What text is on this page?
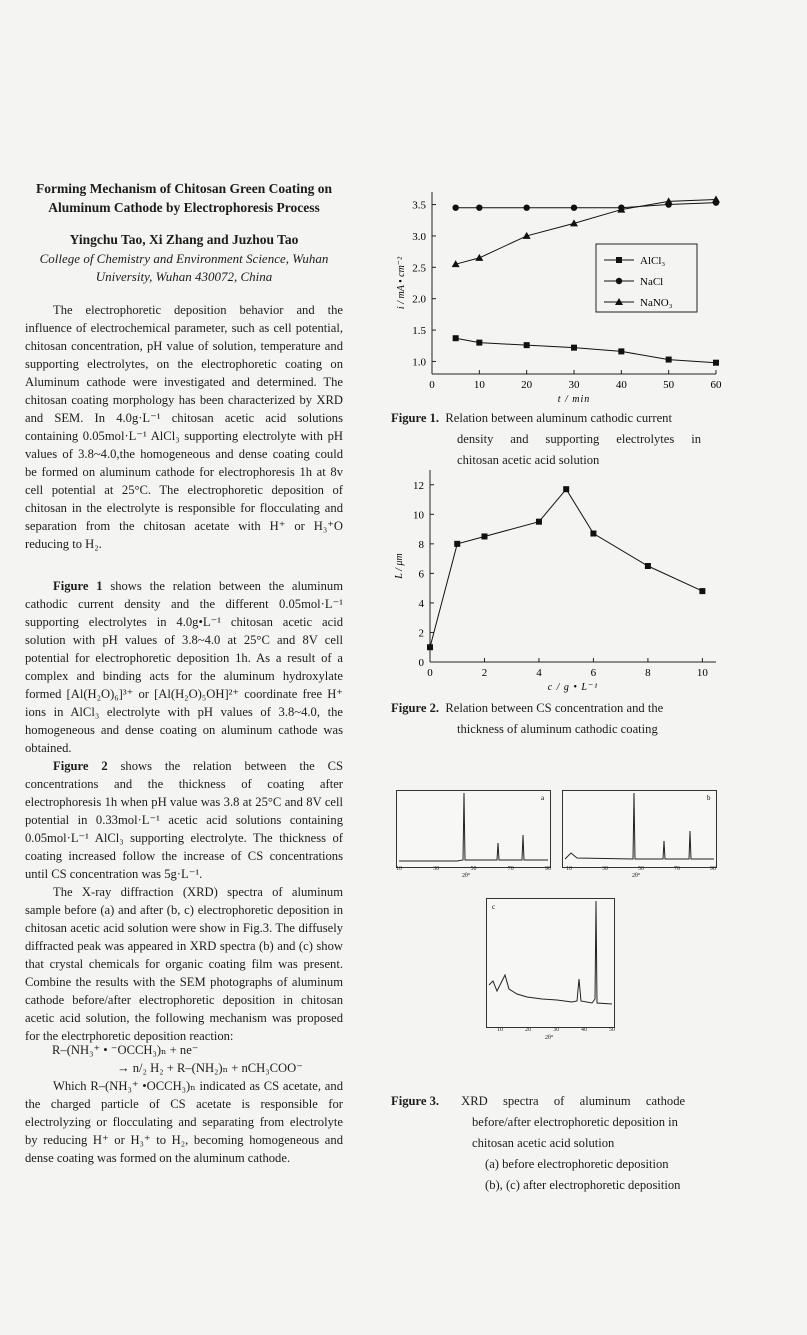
Forming Mechanism of Chitosan Green Coating on Aluminum Cathode by Electrophoresis Process
Yingchu Tao, Xi Zhang and Juzhou Tao
College of Chemistry and Environment Science, Wuhan University, Wuhan 430072, China

The electrophoretic deposition behavior and the influence of electrochemical parameter, such as cell potential, chitosan concentration, pH value of solution, temperature and supporting electrolytes, on the electrophoretic coating on Aluminum cathode were investigated and determined. The chitosan coating morphology has been characterized by XRD and SEM. In 4.0g·L⁻¹ chitosan acetic acid solutions containing 0.05mol·L⁻¹ AlCl₃ supporting electrolyte with pH values of 3.8~4.0,the homogeneous and dense coating could be formed on aluminum cathode for electrophoresis 1h at 8v cell potential at 25°C. The electrophoretic deposition of chitosan in the electrolyte is responsible for flocculating and separation from the chitosan acetate with H⁺ or H₃⁺O reducing to H₂.

Figure 1 shows the relation between the aluminum cathodic current density and the different 0.05mol·L⁻¹ supporting electrolytes in 4.0g•L⁻¹ chitosan acetic acid solution with pH values of 3.8~4.0 at 25°C and 8V cell potential for electrophoretic deposition 1h. As a result of a complex and binding acts for the aluminum hydroxylate formed [Al(H₂O)₆]³⁺ or [Al(H₂O)₅OH]²⁺ coordinate free H⁺ ions in AlCl₃ electrolyte with pH values of 3.8~4.0, the homogeneous and dense coating on aluminum cathode was obtained.

Figure 2 shows the relation between the CS concentrations and the thickness of coating after electrophoresis 1h when pH value was 3.8 at 25°C and 8V cell potential in 0.33mol·L⁻¹ acetic acid solutions containing 0.05mol·L⁻¹ AlCl₃ supporting electrolyte. The thickness of coating increased follow the increase of CS concentrations until CS concentration was 5g·L⁻¹.

The X-ray diffraction (XRD) spectra of aluminum sample before (a) and after (b, c) electrophoretic deposition in chitosan acetic acid solution were show in Fig.3. The diffusely diffracted peak was appeared in XRD spectra (b) and (c) show that crystal chemicals for organic coating film was present. Combine the results with the SEM photographs of aluminum cathode before/after electrophoretic deposition in chitosan acetic acid solution, the following mechanism was proposed for the electrphoretic deposition reaction:

R–(NH₃⁺ • ⁻OCCH₃)ₙ + ne⁻
→ n/₂ H₂ + R–(NH₂)ₙ + nCH₃COO⁻

Which R–(NH₃⁺ •OCCH₃)ₙ indicated as CS acetate, and the charged particle of CS acetate is responsible for electrolyzing or flocculating and separating from electrolyte by reducing H⁺ or H₃⁺ to H₂, becoming homogeneous and dense coating was formed on the aluminum cathode.

1.0
1.5
2.0
2.5
3.0
3.5
0	10	20	30	40	50	60
t / min
i / mA • cm⁻²	AlCl₃
NaCl
NaNO₃
Figure 1. Relation between aluminum cathodic current
density and supporting electrolytes in
chitosan acetic acid solution
0
2
4
6
8
10
12
0	2	4	6	8	10
c / g • L⁻¹
L / μm
Figure 2. Relation between CS concentration and the
thickness of aluminum cathodic coating
a
10	30	50	70	90
2θ°
b
10	30	50	70	90
2θ°
c
10	20	30	40	50
2θ°
Figure 3. XRD spectra of aluminum cathode
before/after electrophoretic deposition in
chitosan acetic acid solution
(a) before electrophoretic deposition
(b), (c) after electrophoretic deposition
